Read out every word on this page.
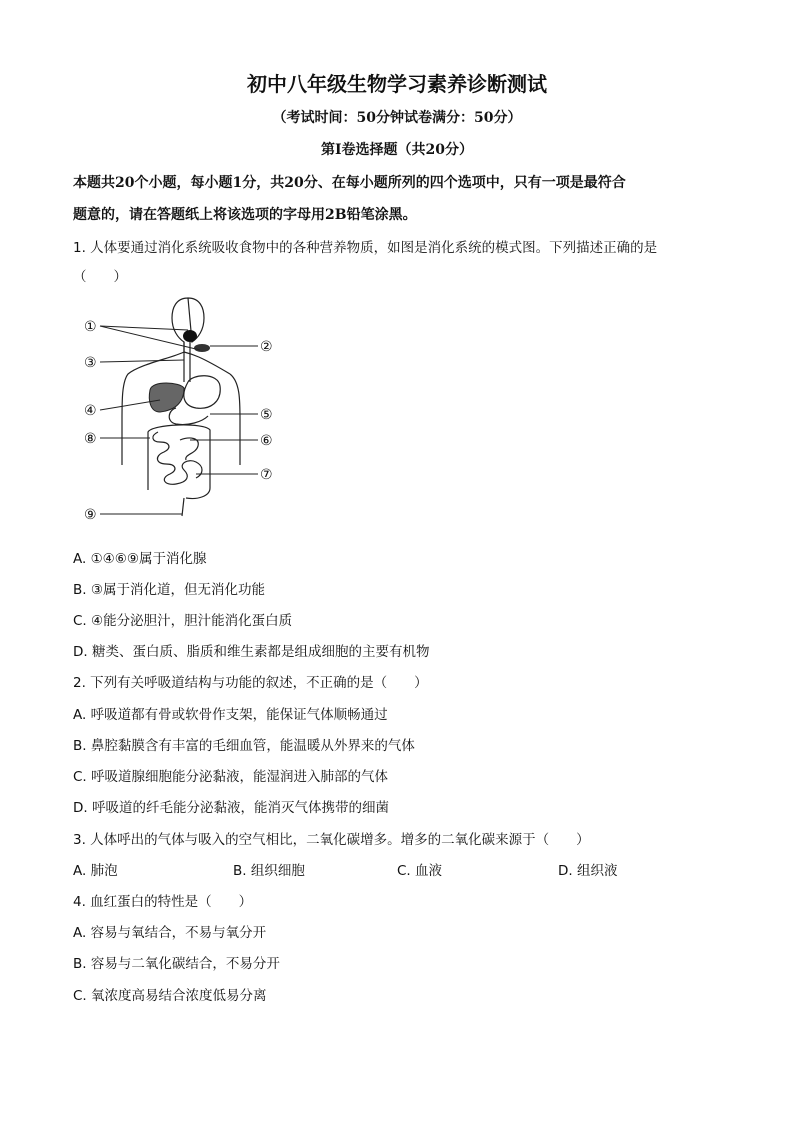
初中八年级生物学习素养诊断测试
（考试时间：50分钟试卷满分：50分）
第Ⅰ卷选择题（共20分）
本题共20个小题，每小题1分，共20分、在每小题所列的四个选项中，只有一项是最符合
题意的，请在答题纸上将该选项的字母用2B铅笔涂黑。
1. 人体要通过消化系统吸收食物中的各种营养物质，如图是消化系统的模式图。下列描述正确的是
（　　）
①
②
③
④	⑤
⑥
⑦
⑧
⑨
A. ①④⑥⑨属于消化腺
B. ③属于消化道，但无消化功能
C. ④能分泌胆汁，胆汁能消化蛋白质
D. 糖类、蛋白质、脂质和维生素都是组成细胞的主要有机物
2. 下列有关呼吸道结构与功能的叙述，不正确的是（　　）
A. 呼吸道都有骨或软骨作支架，能保证气体顺畅通过
B. 鼻腔黏膜含有丰富的毛细血管，能温暖从外界来的气体
C. 呼吸道腺细胞能分泌黏液，能湿润进入肺部的气体
D. 呼吸道的纤毛能分泌黏液，能消灭气体携带的细菌
3. 人体呼出的气体与吸入的空气相比，二氧化碳增多。增多的二氧化碳来源于（　　）
A. 肺泡	B. 组织细胞	C. 血液	D. 组织液
4. 血红蛋白的特性是（　　）
A. 容易与氧结合，不易与氧分开
B. 容易与二氧化碳结合，不易分开
C. 氧浓度高易结合浓度低易分离
